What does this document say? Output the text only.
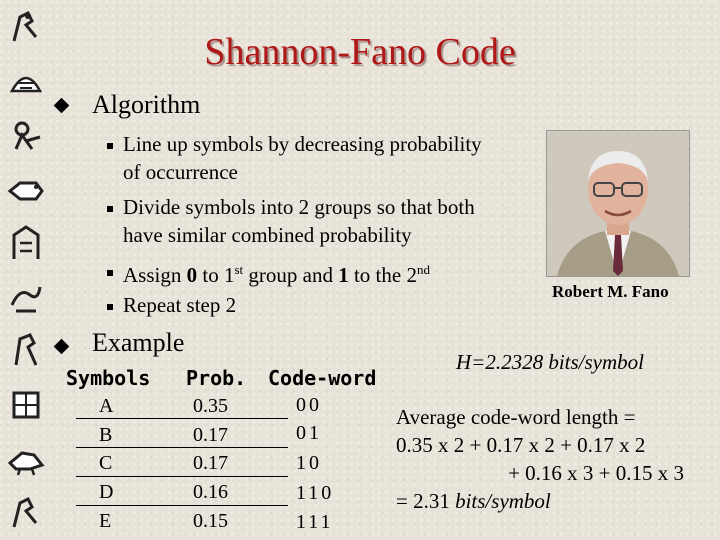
Shannon-Fano Code
Algorithm
Line up symbols by decreasing probability
of occurrence
Divide symbols into 2 groups so that both
have similar combined probability
Assign 0 to 1st group and 1 to the 2nd
Repeat step 2
Robert M. Fano
Example
Symbols Prob. Code-word
A	0.35	00
B	0.17	01
C	0.17	10
D	0.16	110
E	0.15	111
H=2.2328 bits/symbol
Average code-word length =
0.35 x 2 + 0.17 x 2 + 0.17 x 2
+ 0.16 x 3 + 0.15 x 3
= 2.31 bits/symbol
